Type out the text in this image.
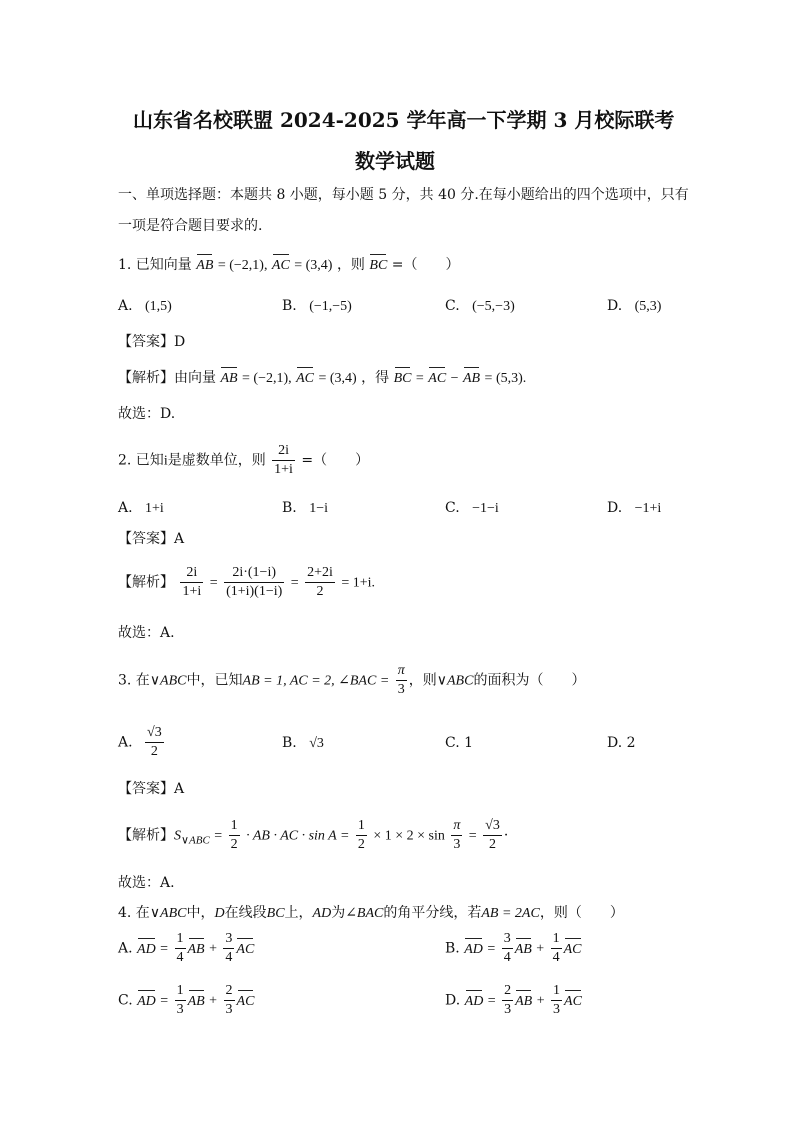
山东省名校联盟 2024-2025 学年高一下学期 3 月校际联考
数学试题
一、单项选择题：本题共 8 小题，每小题 5 分，共 40 分.在每小题给出的四个选项中，只有
一项是符合题目要求的.
1. 已知向量 AB = (−2,1), AC = (3,4) ，则 BC =（　　）
A. (1,5)	B. (−1,−5)	C. (−5,−3)	D. (5,3)
【答案】D
【解析】由向量 AB = (−2,1), AC = (3,4) ，得 BC = AC − AB = (5,3).
故选：D.
2. 已知i是虚数单位，则 $\frac{2i}{1+i}$ =（　　）
A. 1+i	B. 1−i	C. −1−i	D. −1+i
【答案】A
【解析】 $\frac{2i}{1+i} = \frac{2i\cdot(1-i)}{(1+i)(1-i)} = \frac{2+2i}{2} = 1+i$.
故选：A.
3. 在∨ABC中，已知AB = 1, AC = 2, ∠BAC = $\frac{\pi}{3}$ ，则∨ABC的面积为（　　）
A. $\frac{√3}{2}$	B. √3	C. 1	D. 2
【答案】A
【解析】$S_{\vee ABC} = \frac{1}{2}$ · AB · AC · $\sin A = \frac{1}{2} \times 1 \times 2 \times \sin \frac{\pi}{3} = \frac{√3}{2}$ ·
故选：A.
4. 在∨ABC中，D在线段BC上，AD为∠BAC的角平分线，若AB = 2AC，则（　　）
A. AD = $\frac{1}{4}$ AB + $\frac{3}{4}$ AC	B. AD = $\frac{3}{4}$ AB + $\frac{1}{4}$ AC
C. AD = $\frac{1}{3}$ AB + $\frac{2}{3}$ AC	D. AD = $\frac{2}{3}$ AB + $\frac{1}{3}$ AC
